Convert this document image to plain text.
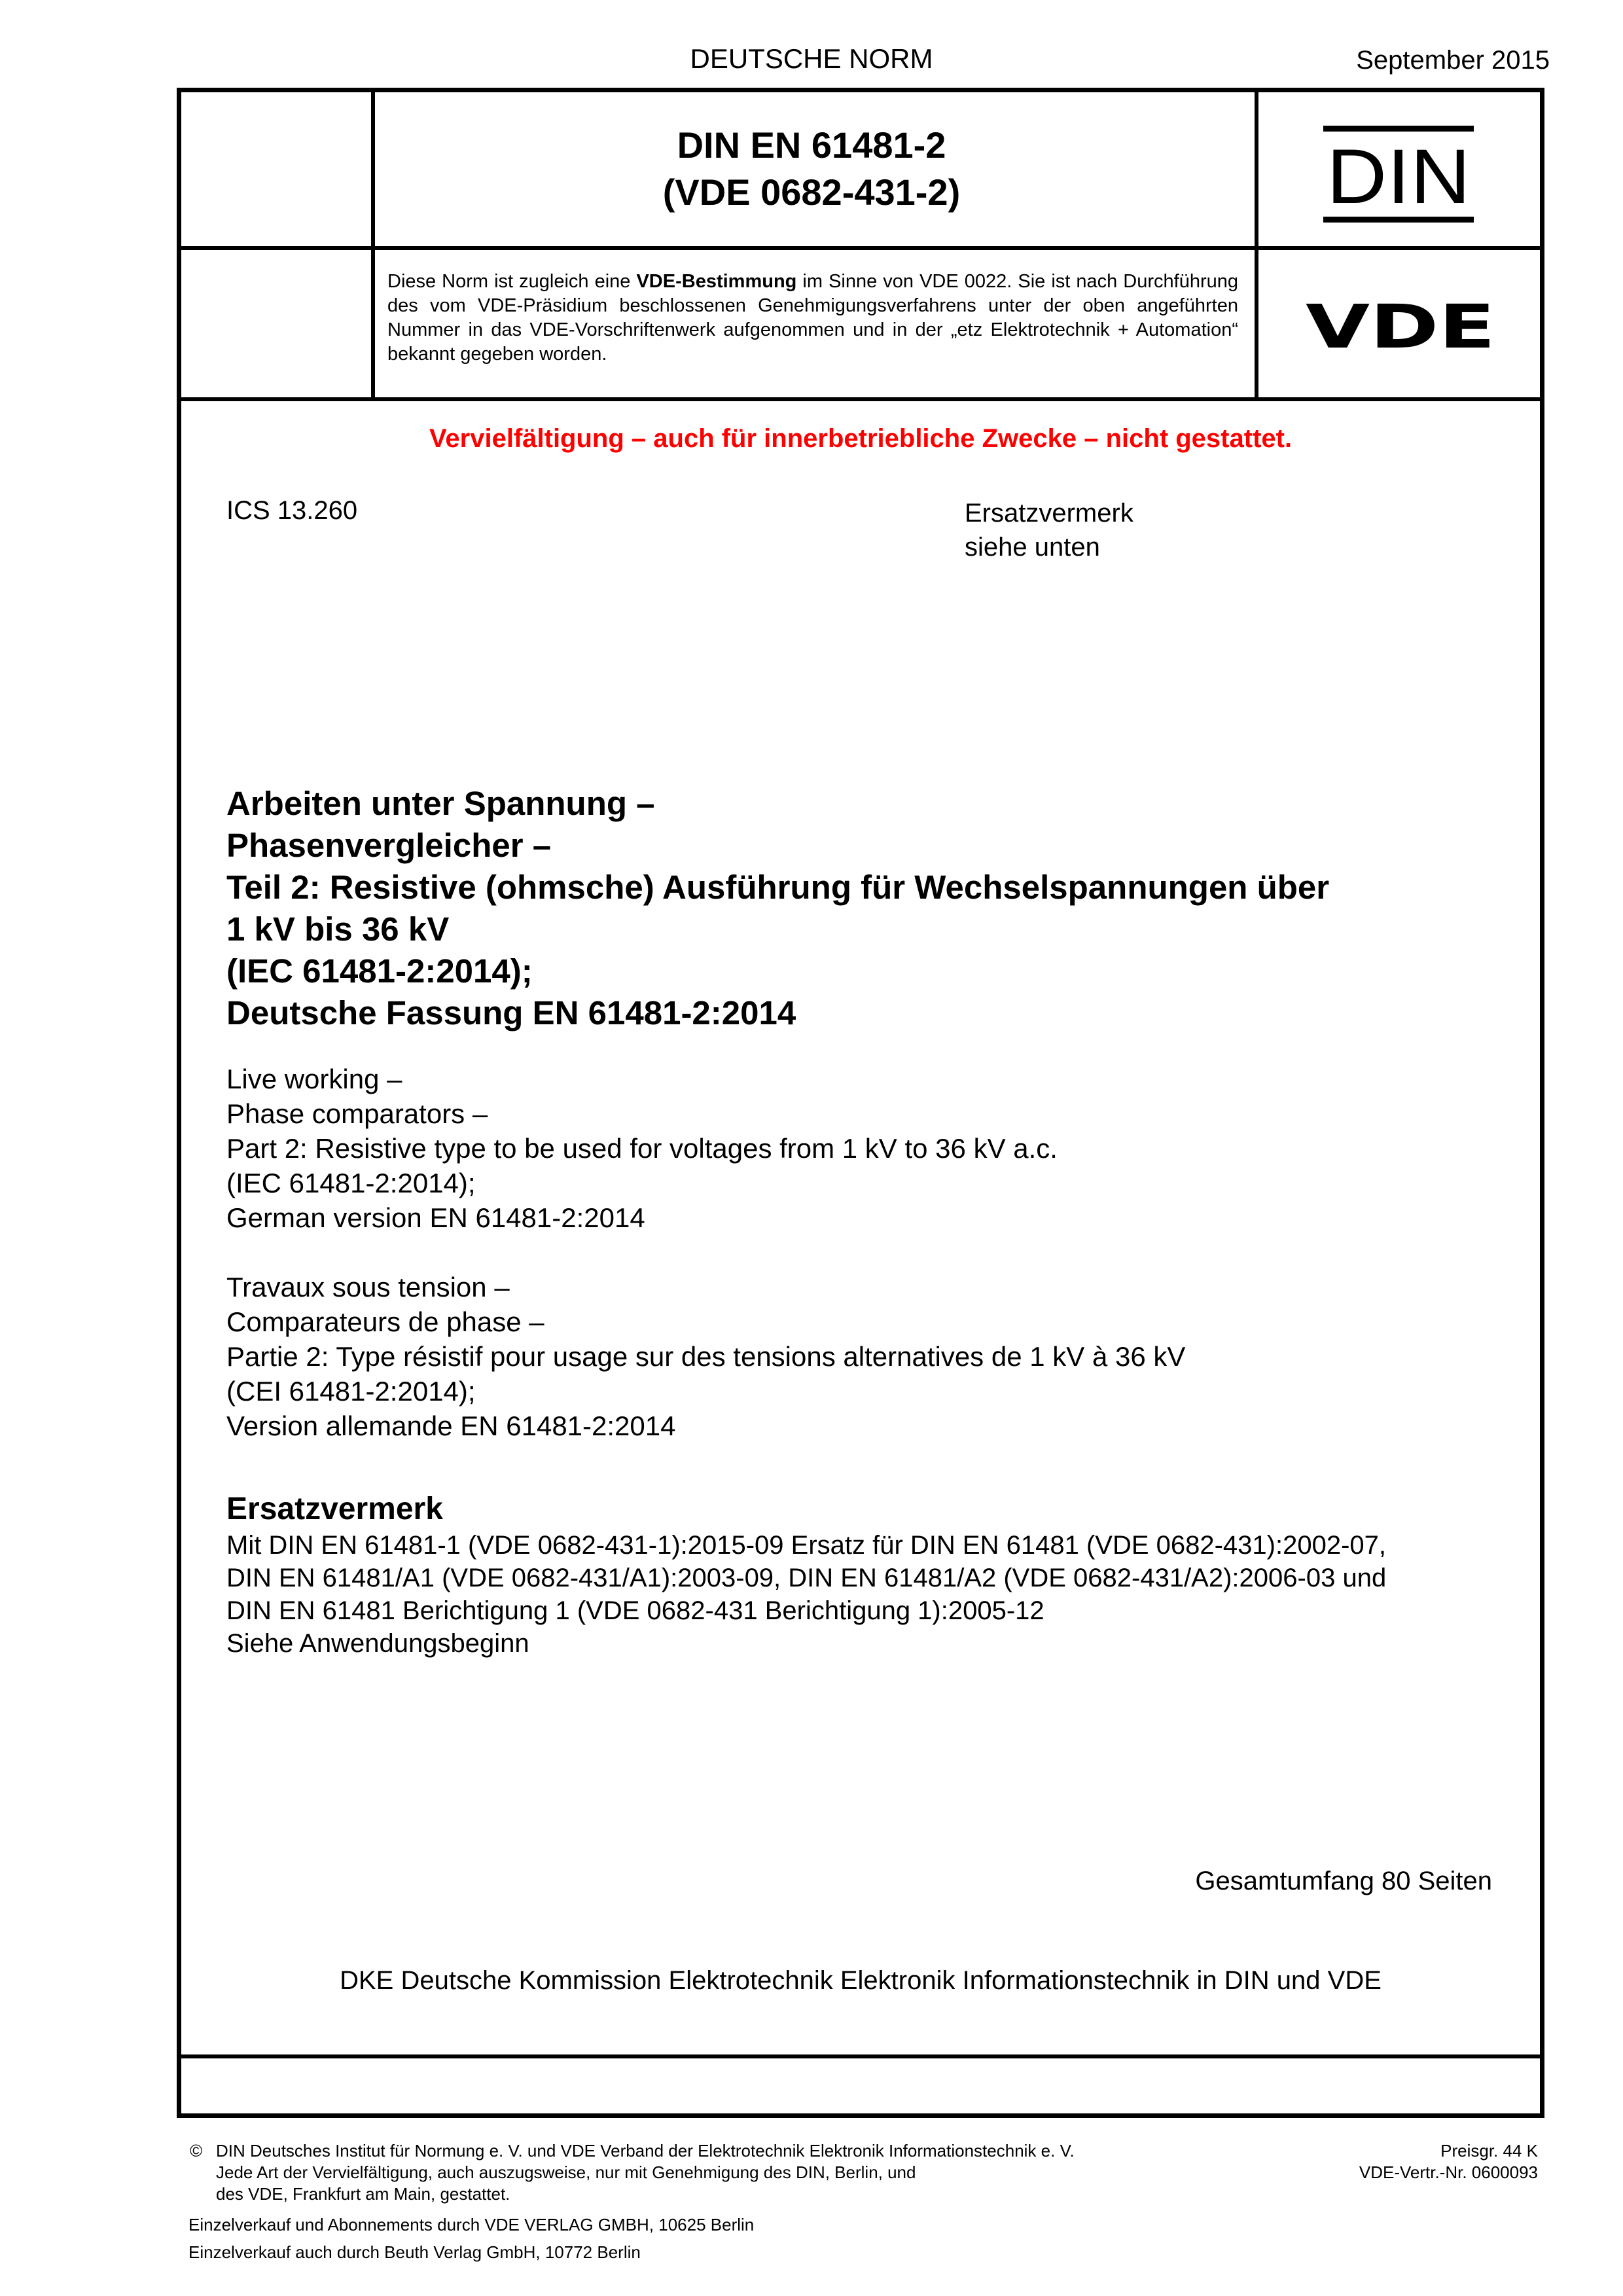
DEUTSCHE NORM	September 2015
DIN EN 61481-2
(VDE 0682-431-2)	DIN
Diese Norm ist zugleich eine VDE-Bestimmung im Sinne von VDE 0022. Sie ist nach Durchführung des vom VDE-Präsidium beschlossenen Genehmigungsverfahrens unter der oben angeführten Nummer in das VDE-Vorschriftenwerk aufgenommen und in der „etz Elektrotechnik + Automation“ bekannt gegeben worden.	VDE
Vervielfältigung – auch für innerbetriebliche Zwecke – nicht gestattet.
ICS 13.260	Ersatzvermerk
siehe unten
Arbeiten unter Spannung –
Phasenvergleicher –
Teil 2: Resistive (ohmsche) Ausführung für Wechselspannungen über
1 kV bis 36 kV
(IEC 61481-2:2014);
Deutsche Fassung EN 61481-2:2014
Live working –
Phase comparators –
Part 2: Resistive type to be used for voltages from 1 kV to 36 kV a.c.
(IEC 61481-2:2014);
German version EN 61481-2:2014
Travaux sous tension –
Comparateurs de phase –
Partie 2: Type résistif pour usage sur des tensions alternatives de 1 kV à 36 kV
(CEI 61481-2:2014);
Version allemande EN 61481-2:2014
Ersatzvermerk
Mit DIN EN 61481-1 (VDE 0682-431-1):2015-09 Ersatz für DIN EN 61481 (VDE 0682-431):2002-07,
DIN EN 61481/A1 (VDE 0682-431/A1):2003-09, DIN EN 61481/A2 (VDE 0682-431/A2):2006-03 und
DIN EN 61481 Berichtigung 1 (VDE 0682-431 Berichtigung 1):2005-12
Siehe Anwendungsbeginn
Gesamtumfang 80 Seiten
DKE Deutsche Kommission Elektrotechnik Elektronik Informationstechnik in DIN und VDE
© DIN Deutsches Institut für Normung e. V. und VDE Verband der Elektrotechnik Elektronik Informationstechnik e. V.
Jede Art der Vervielfältigung, auch auszugsweise, nur mit Genehmigung des DIN, Berlin, und
des VDE, Frankfurt am Main, gestattet.
Preisgr. 44 K
VDE-Vertr.-Nr. 0600093
Einzelverkauf und Abonnements durch VDE VERLAG GMBH, 10625 Berlin
Einzelverkauf auch durch Beuth Verlag GmbH, 10772 Berlin
